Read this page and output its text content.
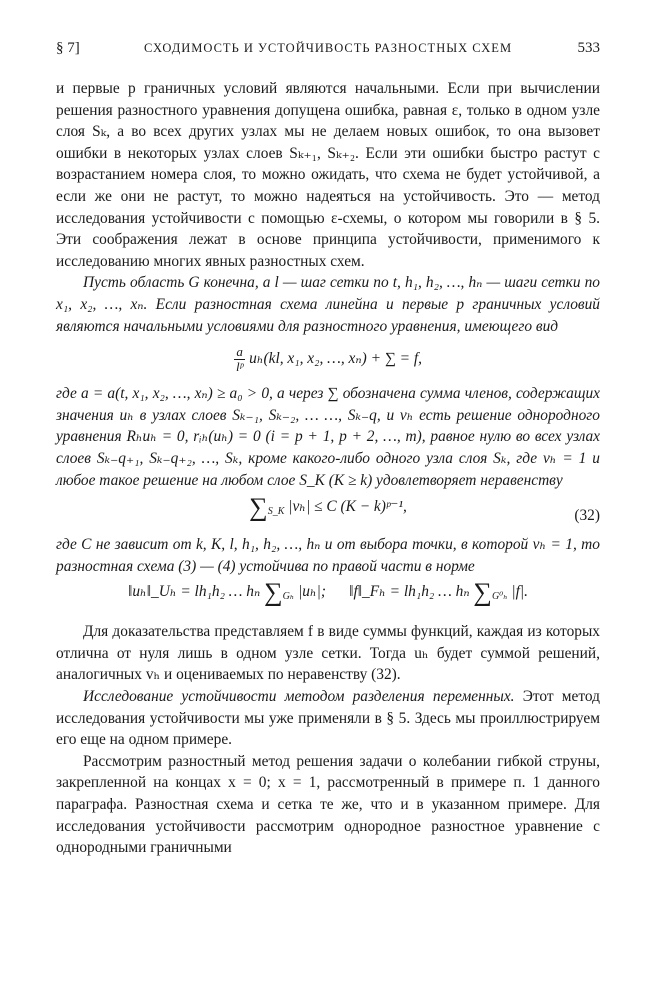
§ 7]	СХОДИМОСТЬ И УСТОЙЧИВОСТЬ РАЗНОСТНЫХ СХЕМ	533

и первые p граничных условий являются начальными. Если при вычислении решения разностного уравнения допущена ошибка, равная ε, только в одном узле слоя Sₖ, а во всех других узлах мы не делаем новых ошибок, то она вызовет ошибки в некоторых узлах слоев Sₖ₊₁, Sₖ₊₂. Если эти ошибки быстро растут с возрастанием номера слоя, то можно ожидать, что схема не будет устойчивой, а если же они не растут, то можно надеяться на устойчивость. Это — метод исследования устойчивости с помощью ε-схемы, о котором мы говорили в § 5. Эти соображения лежат в основе принципа устойчивости, применимого к исследованию многих явных разностных схем.

Пусть область G конечна, а l — шаг сетки по t, h₁, h₂, …, hₙ — шаги сетки по x₁, x₂, …, xₙ. Если разностная схема линейна и первые p граничных условий являются начальными условиями для разностного уравнения, имеющего вид

$\frac{a}{\text{lᵖ}} u_h(kl$, x₁, x₂, …, xₙ) + ∑ = f,

где a = a(t, x₁, x₂, …, xₙ) ≥ a₀ > 0, а через ∑ обозначена сумма членов, содержащих значения uₕ в узлах слоев Sₖ₋₁, Sₖ₋₂, … …, Sₖ₋q, и vₕ есть решение однородного уравнения Rₕuₕ = 0, rᵢₕ(uₕ) = 0 (i = p + 1, p + 2, …, m), равное нулю во всех узлах слоев Sₖ₋q₊₁, Sₖ₋q₊₂, …, Sₖ, кроме какого-либо одного узла слоя Sₖ, где vₕ = 1 и любое такое решение на любом слое S_K (K ≥ k) удовлетворяет неравенству

$\sum_{S\_K}$ |vₕ| ≤ C (K − k)ᵖ⁻¹,
(32)

где C не зависит от k, K, l, h₁, h₂, …, hₙ и от выбора точки, в которой vₕ = 1, то разностная схема (3) — (4) устойчива по правой части в норме

‖uₕ‖_Uₕ = lh₁h₂ … hₙ $\sum_{G_h}$ |uₕ|; ‖f‖_Fₕ = lh₁h₂ … hₙ $\sum_{G^0_h}$ |f|.

Для доказательства представляем f в виде суммы функций, каждая из которых отлична от нуля лишь в одном узле сетки. Тогда uₕ будет суммой решений, аналогичных vₕ и оцениваемых по неравенству (32).

Исследование устойчивости методом разделения переменных. Этот метод исследования устойчивости мы уже применяли в § 5. Здесь мы проиллюстрируем его еще на одном примере.

Рассмотрим разностный метод решения задачи о колебании гибкой струны, закрепленной на концах x = 0; x = 1, рассмотренный в примере п. 1 данного параграфа. Разностная схема и сетка те же, что и в указанном примере. Для исследования устойчивости рассмотрим однородное разностное уравнение с однородными граничными
